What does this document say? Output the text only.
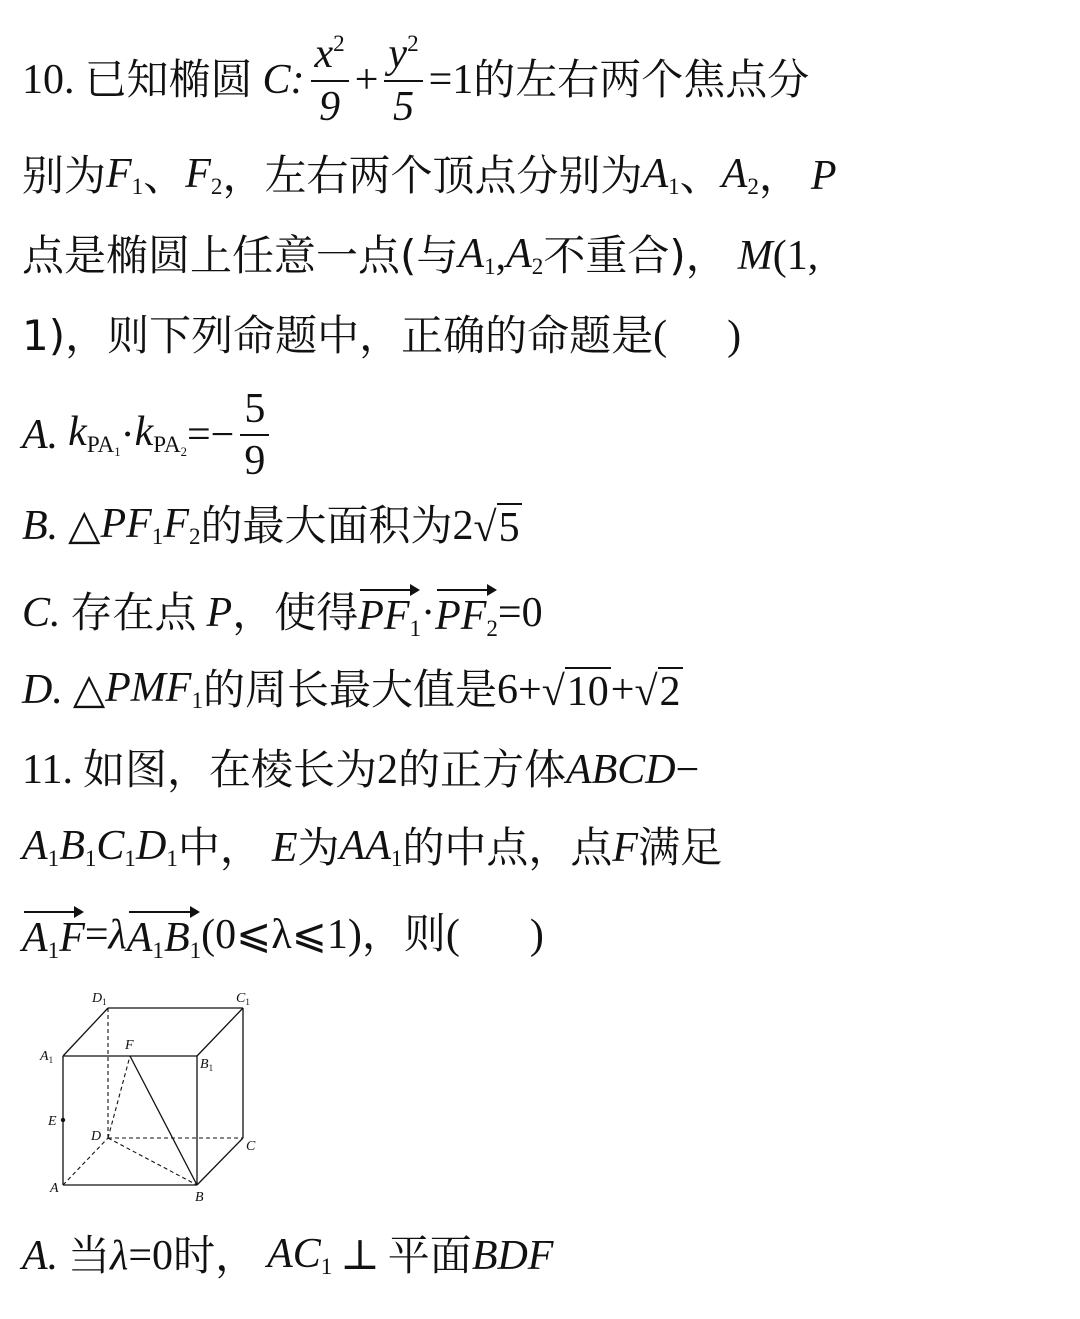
10. 已知椭圆 C: $\frac{x^2}{9} + \frac{y^2}{5} =1$ 的左右两个焦点分
别为 $F_1$ 、 $F_2$ ，左右两个顶点分别为 $A_1$ 、 $A_2$ ， P
点是椭圆上任意一点 (与 $A_1$ , $A_2$ 不重合)， M (1,
1)，则下列命题中，正确的命题是 ( )
A. $k_{PA_1} \cdot k_{PA_2} =- \frac{5}{9}$
B. △ $PF_1F_2$ 的最大面积为 2 √ 5
C. 存在点 P ，使得 $PF_1 \cdot PF_2 =0$
D. △ $PMF_1$ 的周长最大值是 6 + √ 10 + √ 2
11. 如图，在棱长为 2 的正方体 ABCD −
$A_1B_1C_1D_1$ 中， E 为 $AA_1$ 的中点，点 F 满足
$A_1F = \lambda$ $A_1B_1$ (0⩽λ⩽1)，则 ( )
$D_1$	$C_1$
$A_1$	$B_1$
F
E
D
C
A
B
A. 当 λ =0 时， $AC_1$ ⊥ 平面 BDF
